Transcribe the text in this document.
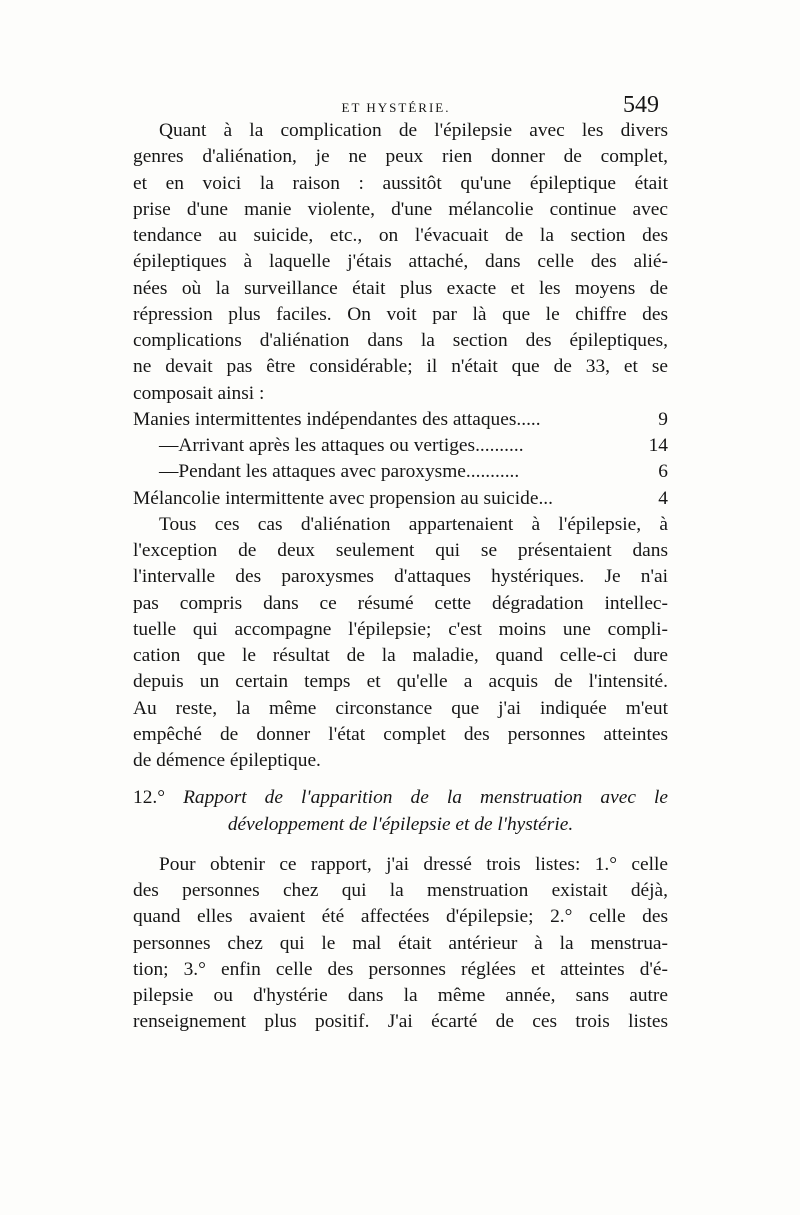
ET HYSTÉRIE.	549
Quant à la complication de l'épilepsie avec les divers
genres d'aliénation, je ne peux rien donner de complet,
et en voici la raison : aussitôt qu'une épileptique était
prise d'une manie violente, d'une mélancolie continue avec
tendance au suicide, etc., on l'évacuait de la section des
épileptiques à laquelle j'étais attaché, dans celle des alié-
nées où la surveillance était plus exacte et les moyens de
répression plus faciles. On voit par là que le chiffre des
complications d'aliénation dans la section des épileptiques,
ne devait pas être considérable; il n'était que de 33, et se
composait ainsi :
Manies intermittentes indépendantes des attaques.....	9
—Arrivant après les attaques ou vertiges..........	14
—Pendant les attaques avec paroxysme...........	6
Mélancolie intermittente avec propension au suicide...	4
Tous ces cas d'aliénation appartenaient à l'épilepsie, à
l'exception de deux seulement qui se présentaient dans
l'intervalle des paroxysmes d'attaques hystériques. Je n'ai
pas compris dans ce résumé cette dégradation intellec-
tuelle qui accompagne l'épilepsie; c'est moins une compli-
cation que le résultat de la maladie, quand celle-ci dure
depuis un certain temps et qu'elle a acquis de l'intensité.
Au reste, la même circonstance que j'ai indiquée m'eut
empêché de donner l'état complet des personnes atteintes
de démence épileptique.
12.° Rapport de l'apparition de la menstruation avec le
développement de l'épilepsie et de l'hystérie.
Pour obtenir ce rapport, j'ai dressé trois listes: 1.° celle
des personnes chez qui la menstruation existait déjà,
quand elles avaient été affectées d'épilepsie; 2.° celle des
personnes chez qui le mal était antérieur à la menstrua-
tion; 3.° enfin celle des personnes réglées et atteintes d'é-
pilepsie ou d'hystérie dans la même année, sans autre
renseignement plus positif. J'ai écarté de ces trois listes
